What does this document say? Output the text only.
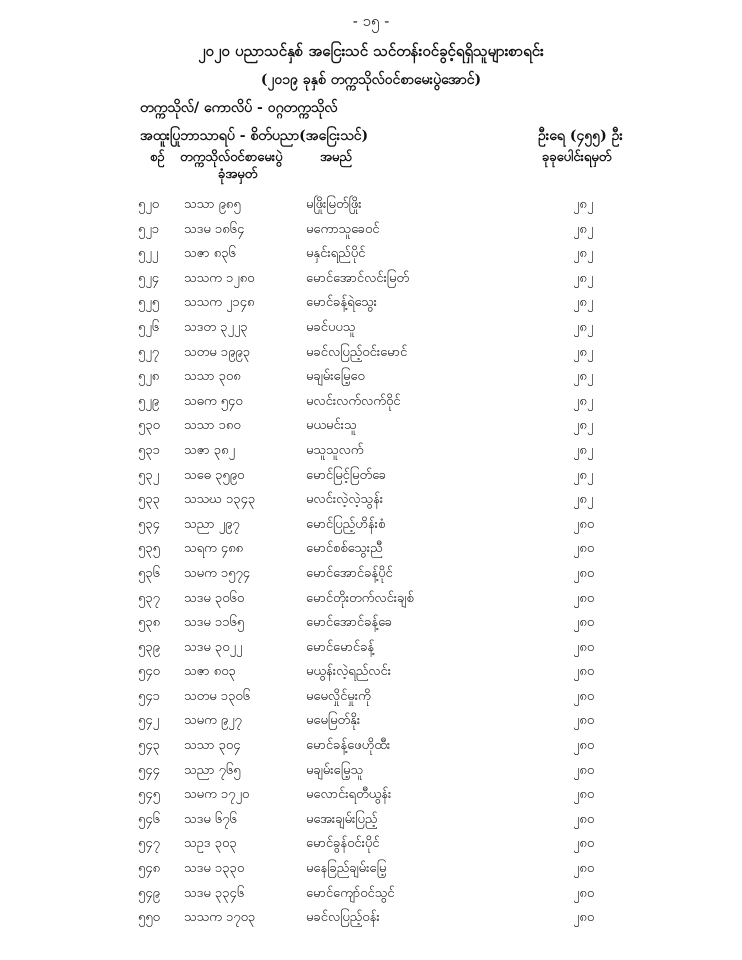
- ၁၅ -
၂၀၂၀ ပညာသင်နှစ် အငြေးသင် သင်တန်းဝင်ခွင့်ရရှိသူများစာရင်း
(၂၀၁၉ ခုနှစ် တက္ကသိုလ်ဝင်စာမေးပွဲအောင်)
တက္ကသိုလ်/ ကောလိပ် - ဝဂ္ဂတက္ကသိုလ်
အထူးပြုဘာသာရပ် - စိတ်ပညာ(အငြေးသင်)	ဦးရေ (၄၅၅) ဦး
စဉ် တက္ကသိုလ်ဝင်စာမေးပွဲ
ခုံအမှတ်
အမည်	ခုခုပေါင်းရမှတ်
၅၂၀ သသာ ၉၈၅	မဖြိုးမြတ်ဖြိုး	၂၈၂
၅၂၁ သဒမ ၁၈၆၄	မကောသူခေဝင်	၂၈၂
၅၂၂ သဇာ ၈၃၆	မနှင်းရည်ပိုင်	၂၈၂
၅၂၄ သသက ၁၂၈၀	မောင်အောင်လင်းမြတ်	၂၈၂
၅၂၅ သသက ၂၁၄၈	မောင်ခန့်ရဲသွေး	၂၈၂
၅၂၆ သဒတ ၃၂၂၃	မခင်ပပသူ	၂၈၂
၅၂၇ သတမ ၁၉၉၃	မခင်လပြည့်ဝင်းမောင်	၂၈၂
၅၂၈ သသာ ၃၀၈	မချမ်းမြေ့ဝေ	၂၈၂
၅၂၉ သဓက ၅၄၀	မလင်းလက်လက်ဝိုင်	၂၈၂
၅၃၀ သသာ ၁၈၀	မယမင်းသူ	၂၈၂
၅၃၁ သဇာ ၃၈၂	မသူသူလက်	၂၈၂
၅၃၂ သဓေ ၃၅၉၀	မောင်မြင့်မြတ်ခေ	၂၈၂
၅၃၃ သသဃ ၁၃၄၃	မလင်းလဲ့လဲ့သွန်း	၂၈၂
၅၃၄ သညာ ၂၉၇	မောင်ပြည့်ဟိန်းစံ	၂၈၀
၅၃၅ သရက ၄၈၈	မောင်စစ်သွေးညီ	၂၈၀
၅၃၆ သမက ၁၅၇၄	မောင်အောင်ခန့်ပိုင်	၂၈၀
၅၃၇ သဒမ ၃၀၆၀	မောင်တိုးတက်လင်းချစ်	၂၈၀
၅၃၈ သဒမ ၁၁၆၅	မောင်အောင်ခန့်ခေ	၂၈၀
၅၃၉ သဒမ ၃၀၂၂	မောင်မောင်ခန့်	၂၈၀
၅၄၀ သဇာ ၈၀၃	မယွန်းလဲ့ရည်လင်း	၂၈၀
၅၄၁ သတမ ၁၃၀၆	မမေလှိုင်မှုးကို	၂၈၀
၅၄၂ သမက ၉၂၇	မမေမြတ်နိုး	၂၈၀
၅၄၃ သသာ ၃၀၄	မောင်ခန့်ဖေဟိုထီး	၂၈၀
၅၄၄ သညာ ၇၆၅	မချမ်းမြေ့သူ	၂၈၀
၅၄၅ သမက ၁၇၂၀	မလောင်းရတီယွန်း	၂၈၀
၅၄၆ သဒမ ၆၇၆	မအေးချမ်းပြည့်	၂၈၀
၅၄၇ သဥဒ ၃၀၃	မောင်ခွန်ဝင်းပိုင်	၂၈၀
၅၄၈ သဒမ ၁၃၃၀	မနေခြည်ချမ်းမြေ့	၂၈၀
၅၄၉ သဒမ ၃၃၄၆	မောင်ကျော်ဝင်သွင်	၂၈၀
၅၅၀ သသက ၁၇၀၃	မခင်လပြည့်ဝန်း	၂၈၀
